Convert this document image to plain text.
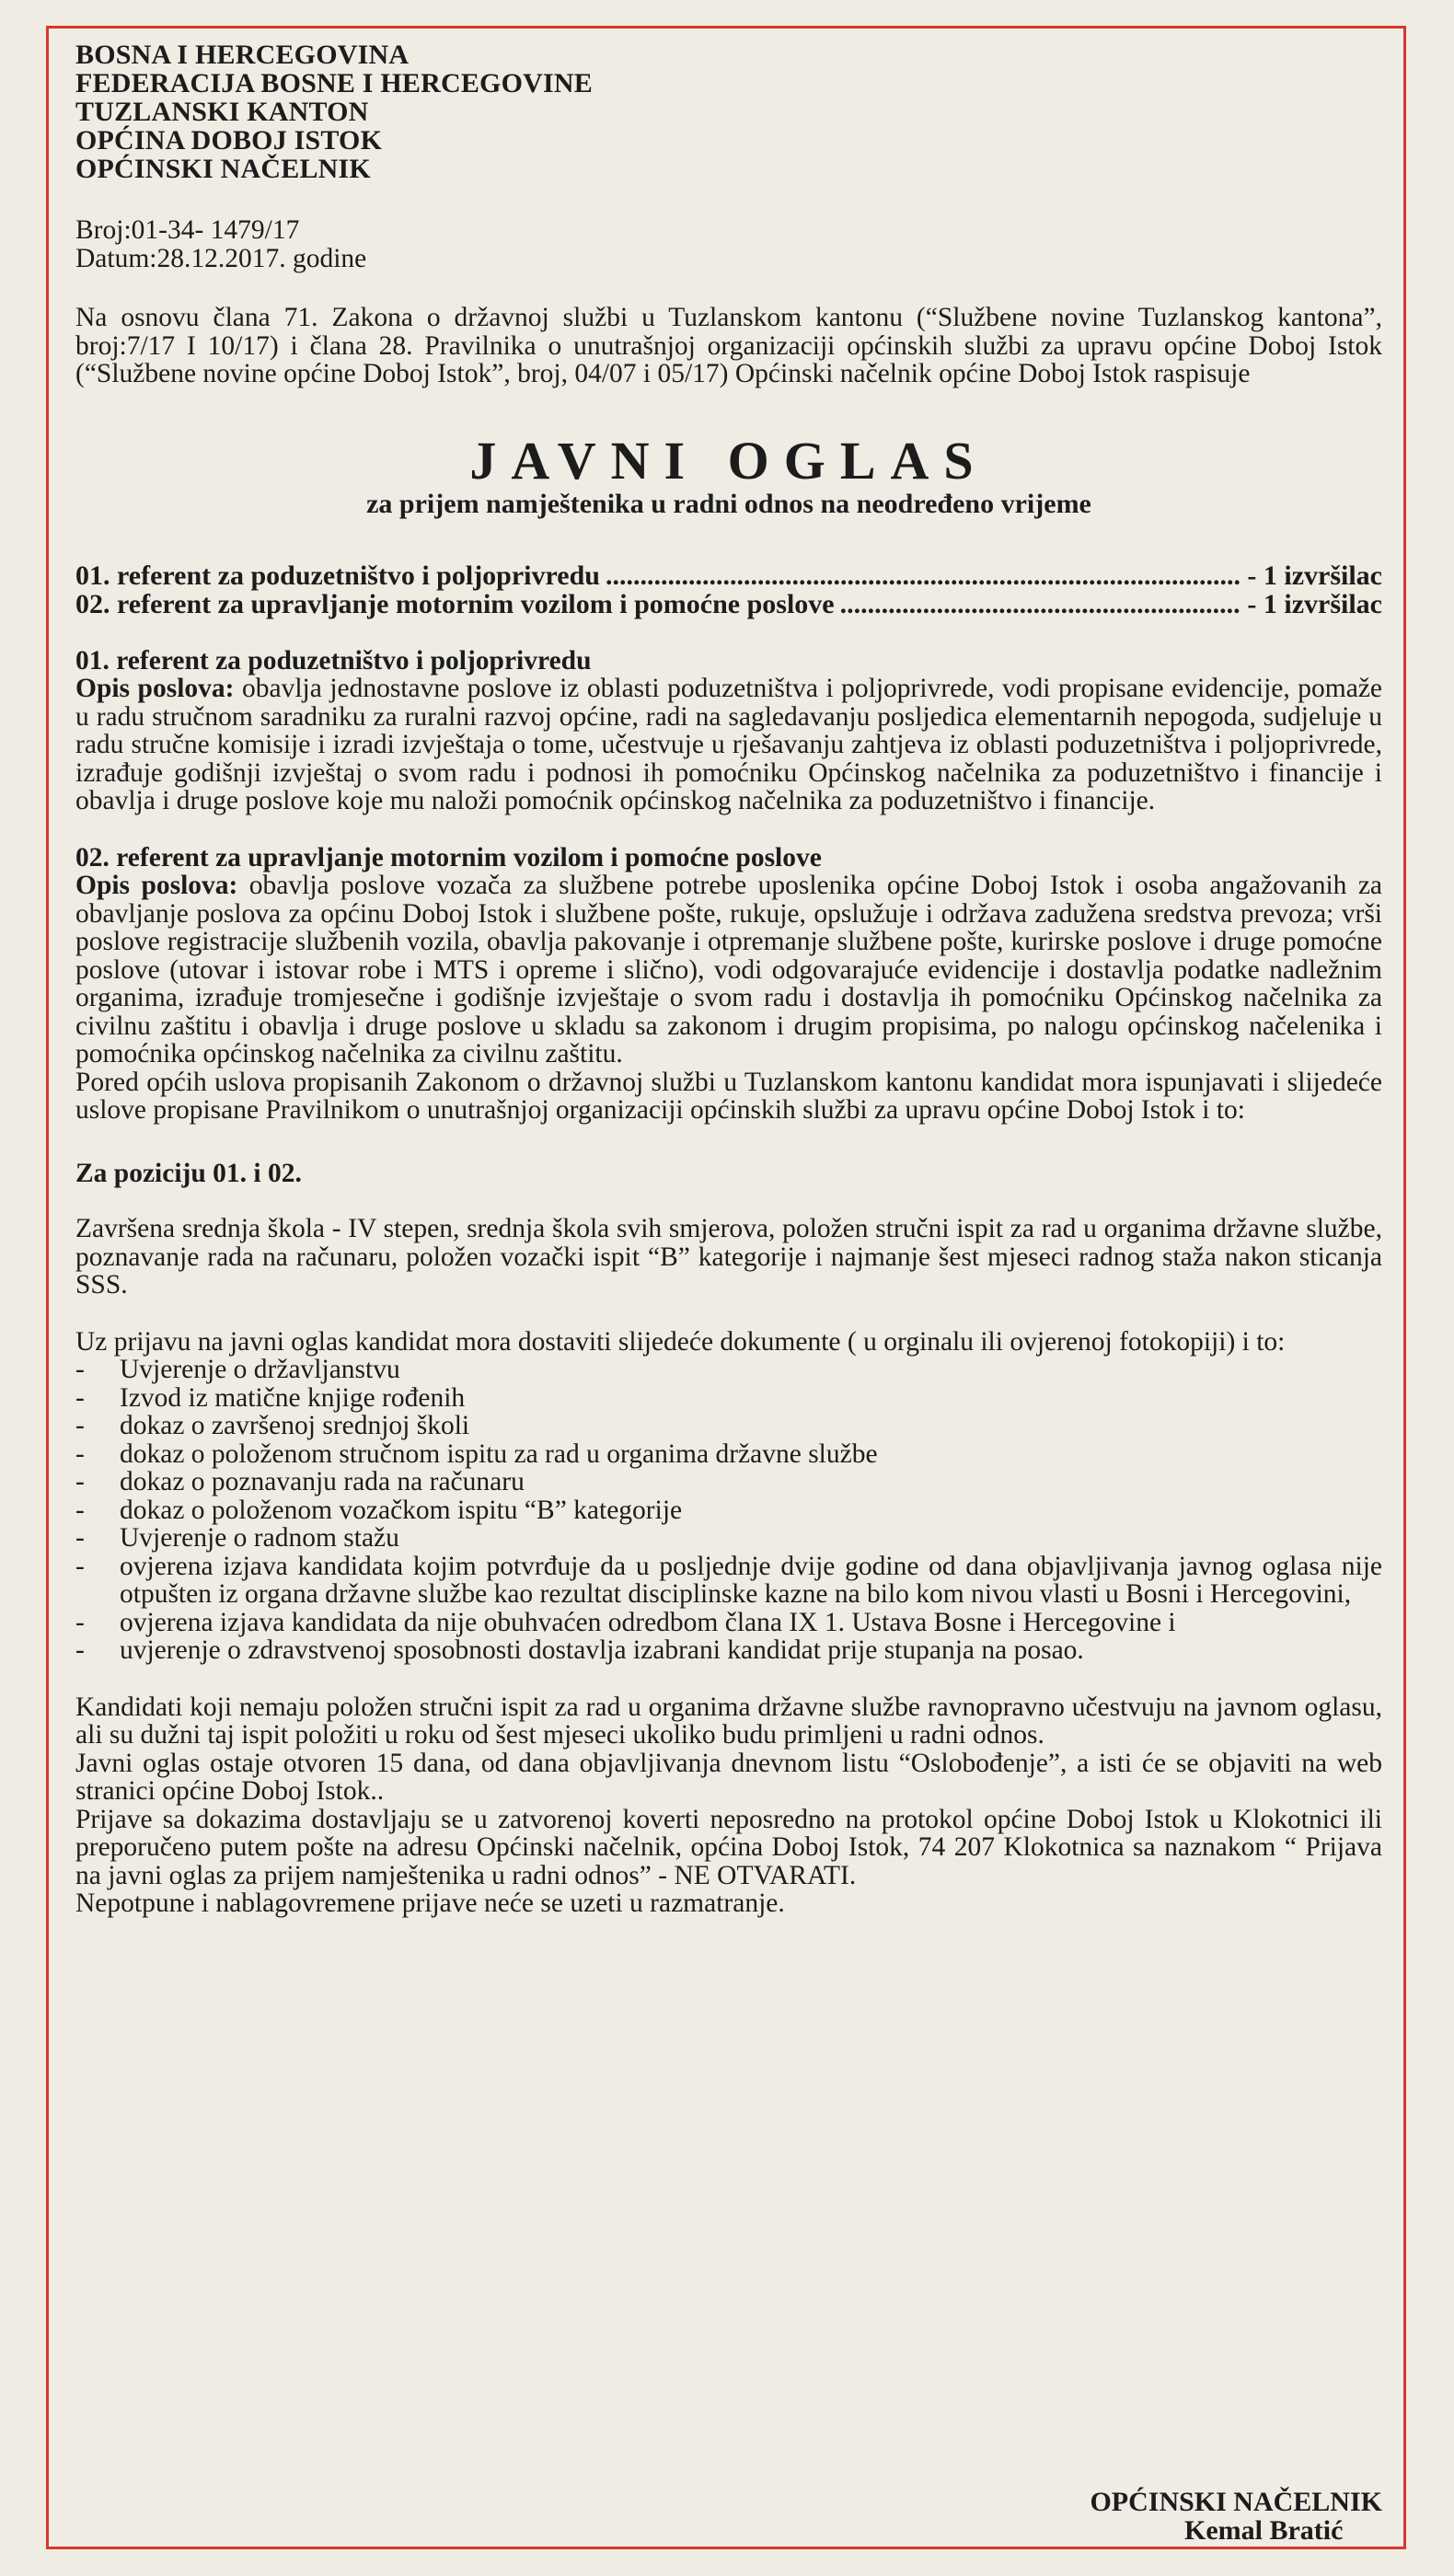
BOSNA I HERCEGOVINA

FEDERACIJA BOSNE I HERCEGOVINE

TUZLANSKI KANTON

OPĆINA DOBOJ ISTOK

OPĆINSKI NAČELNIK

Broj:01-34- 1479/17

Datum:28.12.2017. godine

Na osnovu člana 71. Zakona o državnoj službi u Tuzlanskom kantonu (“Službene novine Tuzlanskog kantona”, broj:7/17 I 10/17) i člana 28. Pravilnika o unutrašnjoj organizaciji općinskih službi za upravu općine Doboj Istok (“Službene novine općine Doboj Istok”, broj, 04/07 i 05/17) Općinski načelnik općine Doboj Istok raspisuje

JAVNI OGLAS

za prijem namještenika u radni odnos na neodređeno vrijeme

01. referent za poduzetništvo i poljoprivredu .....	- 1 izvršilac
02. referent za upravljanje motornim vozilom i pomoćne poslove .....	- 1 izvršilac

01. referent za poduzetništvo i poljoprivredu

Opis poslova: obavlja jednostavne poslove iz oblasti poduzetništva i poljoprivrede, vodi propisane evidencije, pomaže u radu stručnom saradniku za ruralni razvoj općine, radi na sagledavanju posljedica elementarnih nepogoda, sudjeluje u radu stručne komisije i izradi izvještaja o tome, učestvuje u rješavanju zahtjeva iz oblasti poduzetništva i poljoprivrede, izrađuje godišnji izvještaj o svom radu i podnosi ih pomoćniku Općinskog načelnika za poduzetništvo i financije i obavlja i druge poslove koje mu naloži pomoćnik općinskog načelnika za poduzetništvo i financije.

02. referent za upravljanje motornim vozilom i pomoćne poslove

Opis poslova: obavlja poslove vozača za službene potrebe uposlenika općine Doboj Istok i osoba angažovanih za obavljanje poslova za općinu Doboj Istok i službene pošte, rukuje, opslužuje i održava zadužena sredstva prevoza; vrši poslove registracije službenih vozila, obavlja pakovanje i otpremanje službene pošte, kurirske poslove i druge pomoćne poslove (utovar i istovar robe i MTS i opreme i slično), vodi odgovarajuće evidencije i dostavlja podatke nadležnim organima, izrađuje tromjesečne i godišnje izvještaje o svom radu i dostavlja ih pomoćniku Općinskog načelnika za civilnu zaštitu i obavlja i druge poslove u skladu sa zakonom i drugim propisima, po nalogu općinskog načelenika i pomoćnika općinskog načelnika za civilnu zaštitu.

Pored općih uslova propisanih Zakonom o državnoj službi u Tuzlanskom kantonu kandidat mora ispunjavati i slijedeće uslove propisane Pravilnikom o unutrašnjoj organizaciji općinskih službi za upravu općine Doboj Istok i to:

Za poziciju 01. i 02.

Završena srednja škola - IV stepen, srednja škola svih smjerova, položen stručni ispit za rad u organima državne službe, poznavanje rada na računaru, položen vozački ispit “B” kategorije i najmanje šest mjeseci radnog staža nakon sticanja SSS.

Uz prijavu na javni oglas kandidat mora dostaviti slijedeće dokumente ( u orginalu ili ovjerenoj fotokopiji) i to:

-	Uvjerenje o državljanstvu
-	Izvod iz matične knjige rođenih
-	dokaz o završenoj srednjoj školi
-	dokaz o položenom stručnom ispitu za rad u organima državne službe
-	dokaz o poznavanju rada na računaru
-	dokaz o položenom vozačkom ispitu “B” kategorije
-	Uvjerenje o radnom stažu
-	ovjerena izjava kandidata kojim potvrđuje da u posljednje dvije godine od dana objavljivanja javnog oglasa nije otpušten iz organa državne službe kao rezultat disciplinske kazne na bilo kom nivou vlasti u Bosni i Hercegovini,
-	ovjerena izjava kandidata da nije obuhvaćen odredbom člana IX 1. Ustava Bosne i Hercegovine i
-	uvjerenje o zdravstvenoj sposobnosti dostavlja izabrani kandidat prije stupanja na posao.

Kandidati koji nemaju položen stručni ispit za rad u organima državne službe ravnopravno učestvuju na javnom oglasu, ali su dužni taj ispit položiti u roku od šest mjeseci ukoliko budu primljeni u radni odnos.

Javni oglas ostaje otvoren 15 dana, od dana objavljivanja dnevnom listu “Oslobođenje”, a isti će se objaviti na web stranici općine Doboj Istok..

Prijave sa dokazima dostavljaju se u zatvorenoj koverti neposredno na protokol općine Doboj Istok u Klokotnici ili preporučeno putem pošte na adresu Općinski načelnik, općina Doboj Istok, 74 207 Klokotnica sa naznakom “ Prijava na javni oglas za prijem namještenika u radni odnos” - NE OTVARATI.

Nepotpune i nablagovremene prijave neće se uzeti u razmatranje.

OPĆINSKI NAČELNIK

Kemal Bratić
